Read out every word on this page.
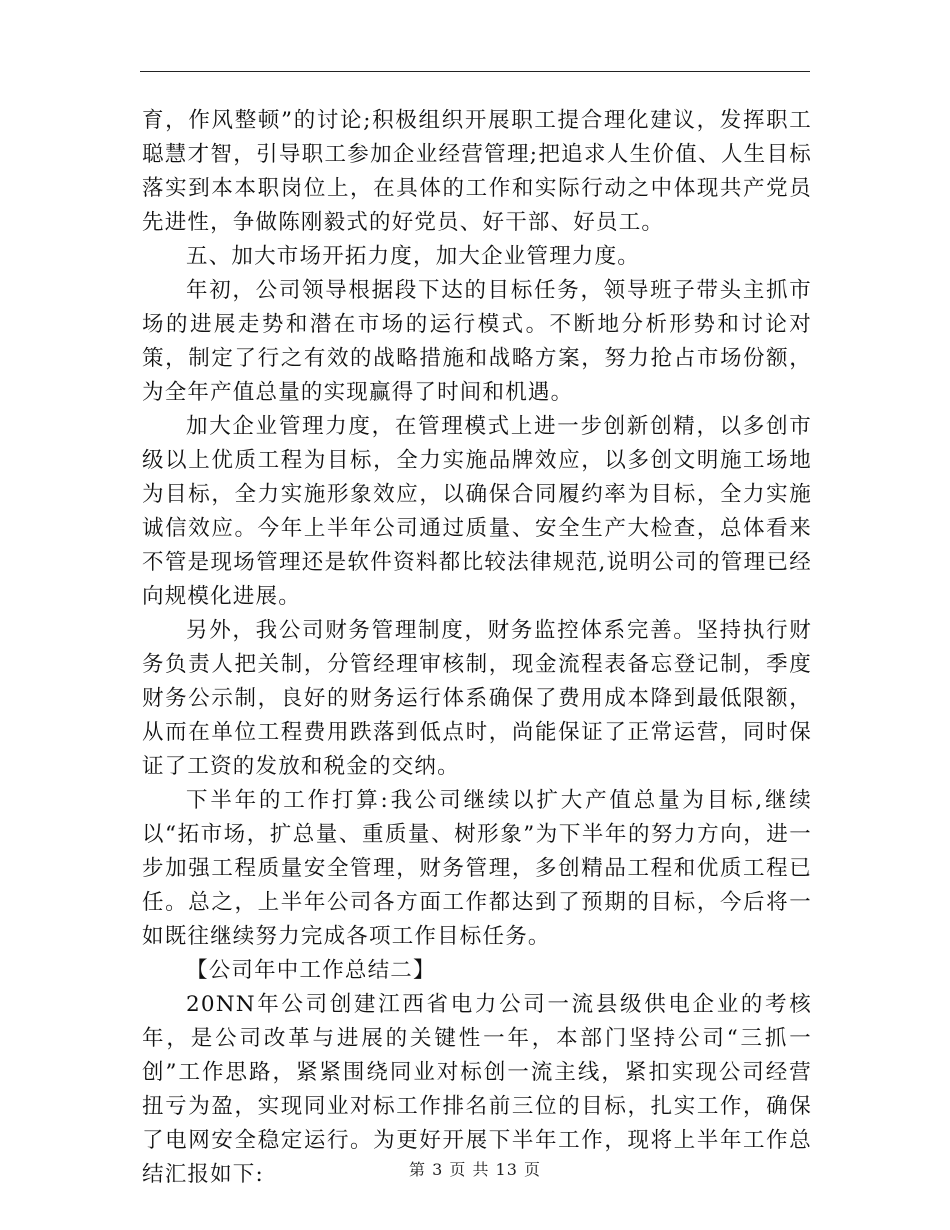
育，作风整顿”的讨论;积极组织开展职工提合理化建议，发挥职工聪慧才智，引导职工参加企业经营管理;把追求人生价值、人生目标落实到本本职岗位上，在具体的工作和实际行动之中体现共产党员先进性，争做陈刚毅式的好党员、好干部、好员工。

五、加大市场开拓力度，加大企业管理力度。

年初，公司领导根据段下达的目标任务，领导班子带头主抓市场的进展走势和潜在市场的运行模式。不断地分析形势和讨论对策，制定了行之有效的战略措施和战略方案，努力抢占市场份额，为全年产值总量的实现赢得了时间和机遇。

加大企业管理力度，在管理模式上进一步创新创精，以多创市级以上优质工程为目标，全力实施品牌效应，以多创文明施工场地为目标，全力实施形象效应，以确保合同履约率为目标，全力实施诚信效应。今年上半年公司通过质量、安全生产大检查，总体看来不管是现场管理还是软件资料都比较法律规范,说明公司的管理已经向规模化进展。

另外，我公司财务管理制度，财务监控体系完善。坚持执行财务负责人把关制，分管经理审核制，现金流程表备忘登记制，季度财务公示制，良好的财务运行体系确保了费用成本降到最低限额，从而在单位工程费用跌落到低点时，尚能保证了正常运营，同时保证了工资的发放和税金的交纳。

下半年的工作打算:我公司继续以扩大产值总量为目标,继续以“拓市场，扩总量、重质量、树形象”为下半年的努力方向，进一步加强工程质量安全管理，财务管理，多创精品工程和优质工程已任。总之，上半年公司各方面工作都达到了预期的目标，今后将一如既往继续努力完成各项工作目标任务。

【公司年中工作总结二】

20NN年公司创建江西省电力公司一流县级供电企业的考核年，是公司改革与进展的关键性一年，本部门坚持公司“三抓一创”工作思路，紧紧围绕同业对标创一流主线，紧扣实现公司经营扭亏为盈，实现同业对标工作排名前三位的目标，扎实工作，确保了电网安全稳定运行。为更好开展下半年工作，现将上半年工作总结汇报如下:	第 3 页 共 13 页
